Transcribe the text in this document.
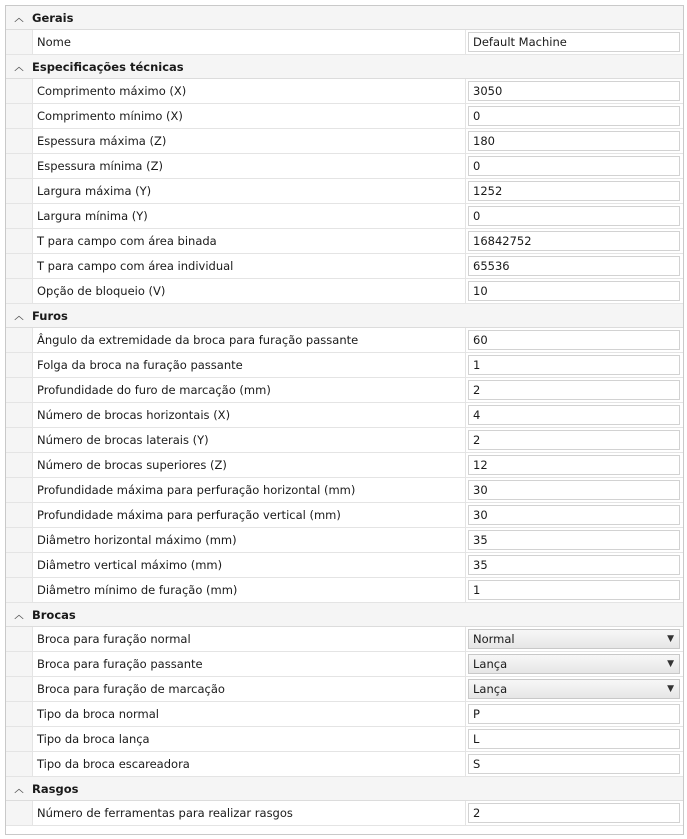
︿ Gerais
Nome	Default Machine
︿ Especificações técnicas
Comprimento máximo (X)	3050
Comprimento mínimo (X)	0
Espessura máxima (Z)	180
Espessura mínima (Z)	0
Largura máxima (Y)	1252
Largura mínima (Y)	0
T para campo com área binada	16842752
T para campo com área individual	65536
Opção de bloqueio (V)	10
︿ Furos
Ângulo da extremidade da broca para furação passante	60
Folga da broca na furação passante	1
Profundidade do furo de marcação (mm)	2
Número de brocas horizontais (X)	4
Número de brocas laterais (Y)	2
Número de brocas superiores (Z)	12
Profundidade máxima para perfuração horizontal (mm)	30
Profundidade máxima para perfuração vertical (mm)	30
Diâmetro horizontal máximo (mm)	35
Diâmetro vertical máximo (mm)	35
Diâmetro mínimo de furação (mm)	1
︿ Brocas
Broca para furação normal	Normal	▼
Broca para furação passante	Lança	▼
Broca para furação de marcação	Lança	▼
Tipo da broca normal	P
Tipo da broca lança	L
Tipo da broca escareadora	S
︿ Rasgos
Número de ferramentas para realizar rasgos	2
